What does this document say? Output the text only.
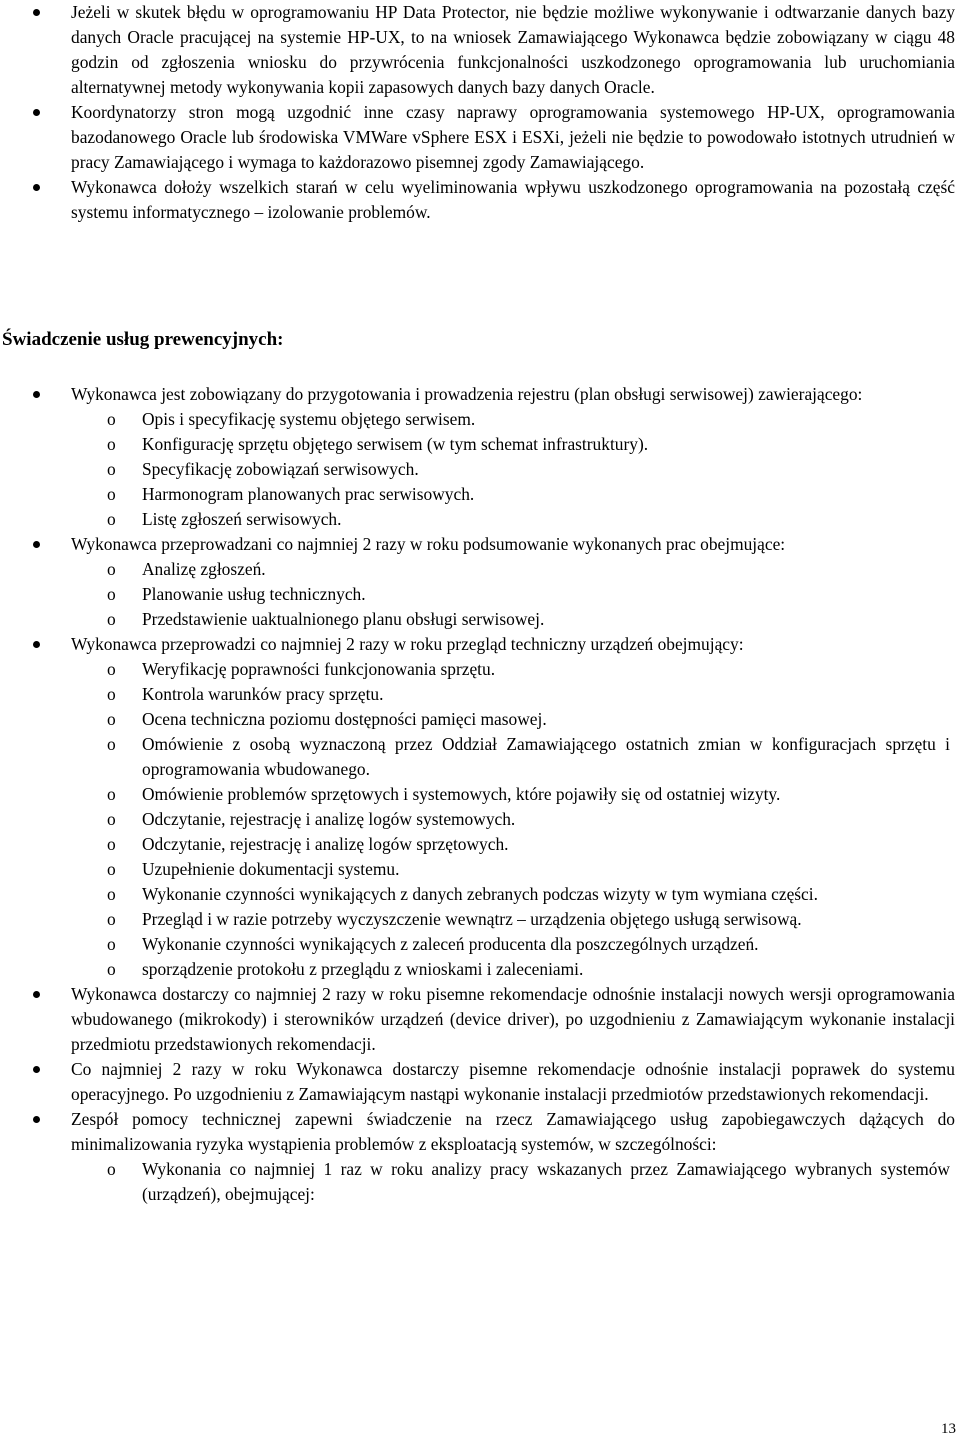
Jeżeli w skutek błędu w oprogramowaniu HP Data Protector, nie będzie możliwe wykonywanie i odtwarzanie danych bazy danych Oracle pracującej na systemie HP-UX, to na wniosek Zamawiającego Wykonawca będzie zobowiązany w ciągu 48 godzin od zgłoszenia wniosku do przywrócenia funkcjonalności uszkodzonego oprogramowania lub uruchomiania alternatywnej metody wykonywania kopii zapasowych danych bazy danych Oracle.
Koordynatorzy stron mogą uzgodnić inne czasy naprawy oprogramowania systemowego HP-UX, oprogramowania bazodanowego Oracle lub środowiska VMWare vSphere ESX i ESXi, jeżeli nie będzie to powodowało istotnych utrudnień w pracy Zamawiającego i wymaga to każdorazowo pisemnej zgody Zamawiającego.
Wykonawca dołoży wszelkich starań w celu wyeliminowania wpływu uszkodzonego oprogramowania na pozostałą część systemu informatycznego – izolowanie problemów.
Świadczenie usług prewencyjnych:
Wykonawca jest zobowiązany do przygotowania i prowadzenia rejestru (plan obsługi serwisowej) zawierającego:
o Opis i specyfikację systemu objętego serwisem.
o Konfigurację sprzętu objętego serwisem (w tym schemat infrastruktury).
o Specyfikację zobowiązań serwisowych.
o Harmonogram planowanych prac serwisowych.
o Listę zgłoszeń serwisowych.
Wykonawca przeprowadzani co najmniej 2 razy w roku podsumowanie wykonanych prac obejmujące:
o Analizę zgłoszeń.
o Planowanie usług technicznych.
o Przedstawienie uaktualnionego planu obsługi serwisowej.
Wykonawca przeprowadzi co najmniej 2 razy w roku przegląd techniczny urządzeń obejmujący:
o Weryfikację poprawności funkcjonowania sprzętu.
o Kontrola warunków pracy sprzętu.
o Ocena techniczna poziomu dostępności pamięci masowej.
o Omówienie z osobą wyznaczoną przez Oddział Zamawiającego ostatnich zmian w konfiguracjach sprzętu i oprogramowania wbudowanego.
o Omówienie problemów sprzętowych i systemowych, które pojawiły się od ostatniej wizyty.
o Odczytanie, rejestrację i analizę logów systemowych.
o Odczytanie, rejestrację i analizę logów sprzętowych.
o Uzupełnienie dokumentacji systemu.
o Wykonanie czynności wynikających z danych zebranych podczas wizyty w tym wymiana części.
o Przegląd i w razie potrzeby wyczyszczenie wewnątrz – urządzenia objętego usługą serwisową.
o Wykonanie czynności wynikających z zaleceń producenta dla poszczególnych urządzeń.
o sporządzenie protokołu z przeglądu z wnioskami i zaleceniami.
Wykonawca dostarczy co najmniej 2 razy w roku pisemne rekomendacje odnośnie instalacji nowych wersji oprogramowania wbudowanego (mikrokody) i sterowników urządzeń (device driver), po uzgodnieniu z Zamawiającym wykonanie instalacji przedmiotu przedstawionych rekomendacji.
Co najmniej 2 razy w roku Wykonawca dostarczy pisemne rekomendacje odnośnie instalacji poprawek do systemu operacyjnego. Po uzgodnieniu z Zamawiającym nastąpi wykonanie instalacji przedmiotów przedstawionych rekomendacji.
Zespół pomocy technicznej zapewni świadczenie na rzecz Zamawiającego usług zapobiegawczych dążących do minimalizowania ryzyka wystąpienia problemów z eksploatacją systemów, w szczególności:
o Wykonania co najmniej 1 raz w roku analizy pracy wskazanych przez Zamawiającego wybranych systemów (urządzeń), obejmującej:
13
